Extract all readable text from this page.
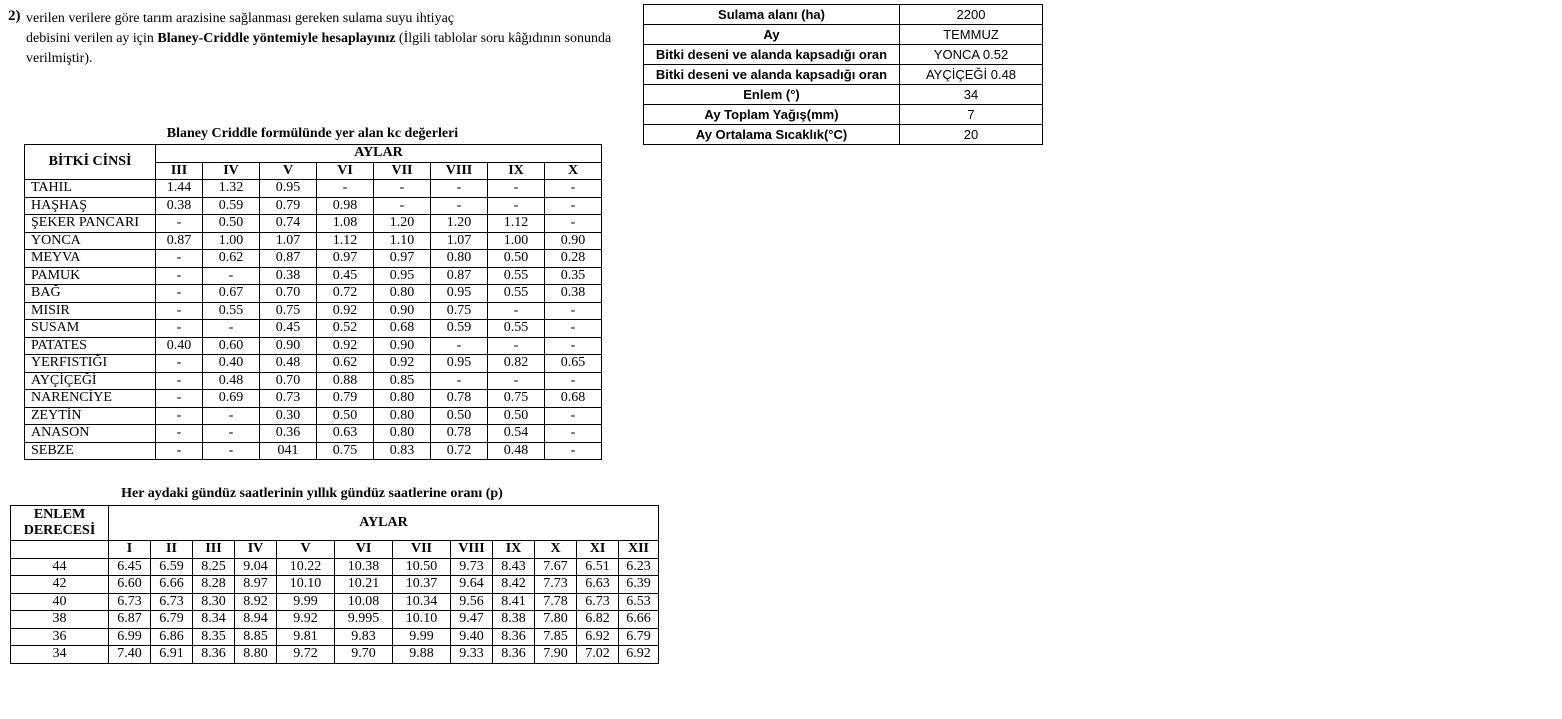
2) verilen verilere göre tarım arazisine sağlanması gereken sulama suyu ihtiyaç
debisini verilen ay için Blaney-Criddle yöntemiyle hesaplayınız (İlgili tablolar soru kâğıdının sonunda
verilmiştir).
Sulama alanı (ha)	2200
Ay	TEMMUZ
Bitki deseni ve alanda kapsadığı oran	YONCA 0.52
Bitki deseni ve alanda kapsadığı oran	AYÇİÇEĞİ 0.48
Enlem (°)	34
Ay Toplam Yağış(mm)	7
Ay Ortalama Sıcaklık(°C)	20
Blaney Criddle formülünde yer alan kc değerleri
BİTKİ CİNSİ	AYLAR							
	III	IV	V	VI	VII	VIII	IX	X
TAHIL	1.44	1.32	0.95	-	-	-	-	-
HAŞHAŞ	0.38	0.59	0.79	0.98	-	-	-	-
ŞEKER PANCARI	-	0.50	0.74	1.08	1.20	1.20	1.12	-
YONCA	0.87	1.00	1.07	1.12	1.10	1.07	1.00	0.90
MEYVA	-	0.62	0.87	0.97	0.97	0.80	0.50	0.28
PAMUK	-	-	0.38	0.45	0.95	0.87	0.55	0.35
BAĞ	-	0.67	0.70	0.72	0.80	0.95	0.55	0.38
MISIR	-	0.55	0.75	0.92	0.90	0.75	-	-
SUSAM	-	-	0.45	0.52	0.68	0.59	0.55	-
PATATES	0.40	0.60	0.90	0.92	0.90	-	-	-
YERFISTIĞI	-	0.40	0.48	0.62	0.92	0.95	0.82	0.65
AYÇİÇEĞİ	-	0.48	0.70	0.88	0.85	-	-	-
NARENCİYE	-	0.69	0.73	0.79	0.80	0.78	0.75	0.68
ZEYTİN	-	-	0.30	0.50	0.80	0.50	0.50	-
ANASON	-	-	0.36	0.63	0.80	0.78	0.54	-
SEBZE	-	-	041	0.75	0.83	0.72	0.48	-
Her aydaki gündüz saatlerinin yıllık gündüz saatlerine oranı (p)
ENLEM DERECESİ	AYLAR											
	I	II	III	IV	V	VI	VII	VIII	IX	X	XI	XII
44	6.45	6.59	8.25	9.04	10.22	10.38	10.50	9.73	8.43	7.67	6.51	6.23
42	6.60	6.66	8.28	8.97	10.10	10.21	10.37	9.64	8.42	7.73	6.63	6.39
40	6.73	6.73	8.30	8.92	9.99	10.08	10.34	9.56	8.41	7.78	6.73	6.53
38	6.87	6.79	8.34	8.94	9.92	9.995	10.10	9.47	8.38	7.80	6.82	6.66
36	6.99	6.86	8.35	8.85	9.81	9.83	9.99	9.40	8.36	7.85	6.92	6.79
34	7.40	6.91	8.36	8.80	9.72	9.70	9.88	9.33	8.36	7.90	7.02	6.92
